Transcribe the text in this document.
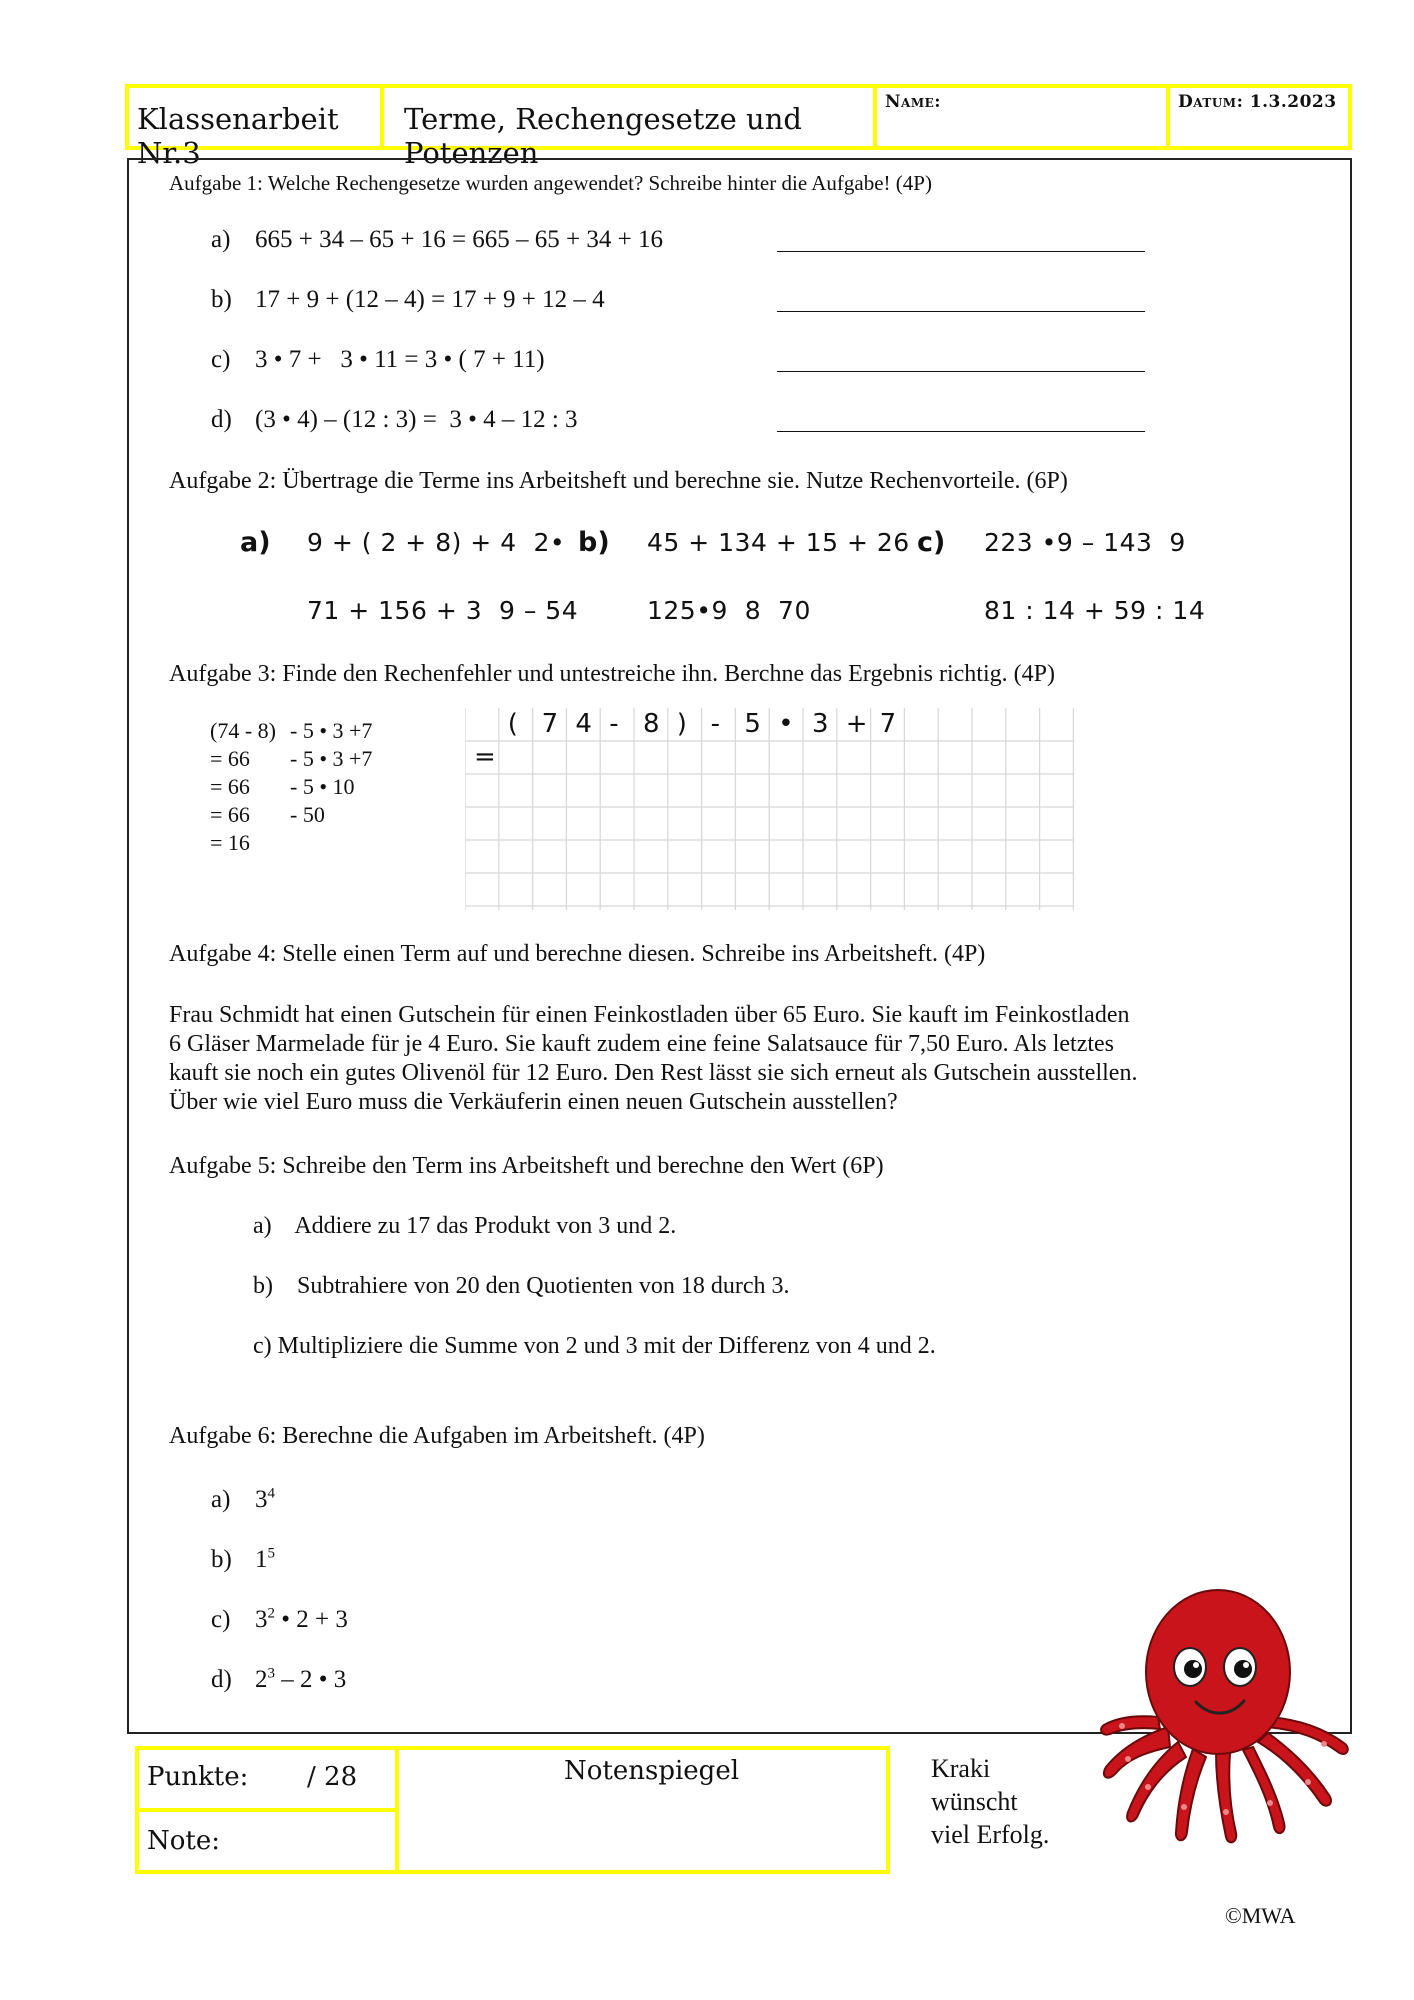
Klassenarbeit Nr.3
Terme, Rechengesetze und Potenzen
Name:	Datum: 1.3.2023
Aufgabe 1: Welche Rechengesetze wurden angewendet? Schreibe hinter die Aufgabe! (4P)
a) 665 + 34 – 65 + 16 = 665 – 65 + 34 + 16
b) 17 + 9 + (12 – 4) = 17 + 9 + 12 – 4
c) 3 • 7 +   3 • 11 = 3 • ( 7 + 11)
d) (3 • 4) – (12 : 3) =  3 • 4 – 12 : 3
Aufgabe 2: Übertrage die Terme ins Arbeitsheft und berechne sie. Nutze Rechenvorteile. (6P)
a) 9 + ( 2 + 8) + 4  2•
71 + 156 + 3  9 – 54
b) 45 + 134 + 15 + 26
125•9  8  70
c) 223 •9 – 143  9
81 : 14 + 59 : 14
Aufgabe 3: Finde den Rechenfehler und untestreiche ihn. Berchne das Ergebnis richtig. (4P)
(74 - 8) - 5 • 3 +7
= 66 - 5 • 3 +7
= 66 - 5 • 10
= 66 - 50
= 16
( 7 4 - 8 ) - 5 • 3 + 7
=
Aufgabe 4: Stelle einen Term auf und berechne diesen. Schreibe ins Arbeitsheft. (4P)
Frau Schmidt hat einen Gutschein für einen Feinkostladen über 65 Euro. Sie kauft im Feinkostladen
6 Gläser Marmelade für je 4 Euro. Sie kauft zudem eine feine Salatsauce für 7,50 Euro. Als letztes
kauft sie noch ein gutes Olivenöl für 12 Euro. Den Rest lässt sie sich erneut als Gutschein ausstellen.
Über wie viel Euro muss die Verkäuferin einen neuen Gutschein ausstellen?
Aufgabe 5: Schreibe den Term ins Arbeitsheft und berechne den Wert (6P)
a)    Addiere zu 17 das Produkt von 3 und 2.
b)    Subtrahiere von 20 den Quotienten von 18 durch 3.
c) Multipliziere die Summe von 2 und 3 mit der Differenz von 4 und 2.
Aufgabe 6: Berechne die Aufgaben im Arbeitsheft. (4P)
a) $3^4$
b) $1^5$
c) $3^2$ • 2 + 3
d) $2^3 - 2$ • 3
Punkte: / 28
Note:
Notenspiegel	Kraki
wünscht
viel Erfolg.
©MWA
